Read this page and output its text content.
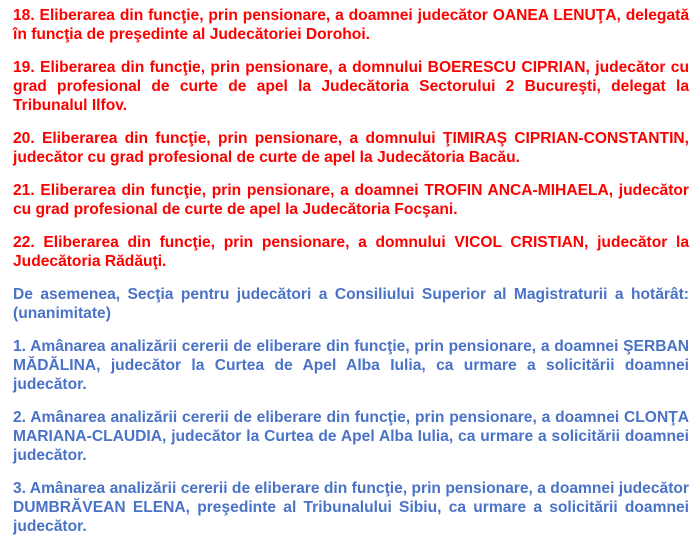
18. Eliberarea din funcţie, prin pensionare, a doamnei judecător OANEA LENUŢA, delegată în funcţia de preşedinte al Judecătoriei Dorohoi.

19. Eliberarea din funcţie, prin pensionare, a domnului BOERESCU CIPRIAN, judecător cu grad profesional de curte de apel la Judecătoria Sectorului 2 Bucureşti, delegat la Tribunalul Ilfov.

20. Eliberarea din funcţie, prin pensionare, a domnului ŢIMIRAŞ CIPRIAN-CONSTANTIN, judecător cu grad profesional de curte de apel la Judecătoria Bacău.

21. Eliberarea din funcţie, prin pensionare, a doamnei TROFIN ANCA-MIHAELA, judecător cu grad profesional de curte de apel la Judecătoria Focşani.

22. Eliberarea din funcţie, prin pensionare, a domnului VICOL CRISTIAN, judecător la Judecătoria Rădăuţi.

De asemenea, Secţia pentru judecători a Consiliului Superior al Magistraturii a hotărât: (unanimitate)

1. Amânarea analizării cererii de eliberare din funcţie, prin pensionare, a doamnei ŞERBAN MĂDĂLINA, judecător la Curtea de Apel Alba Iulia, ca urmare a solicitării doamnei judecător.

2. Amânarea analizării cererii de eliberare din funcţie, prin pensionare, a doamnei CLONŢA MARIANA-CLAUDIA, judecător la Curtea de Apel Alba Iulia, ca urmare a solicitării doamnei judecător.

3. Amânarea analizării cererii de eliberare din funcţie, prin pensionare, a doamnei judecător DUMBRĂVEAN ELENA, preşedinte al Tribunalului Sibiu, ca urmare a solicitării doamnei judecător.
